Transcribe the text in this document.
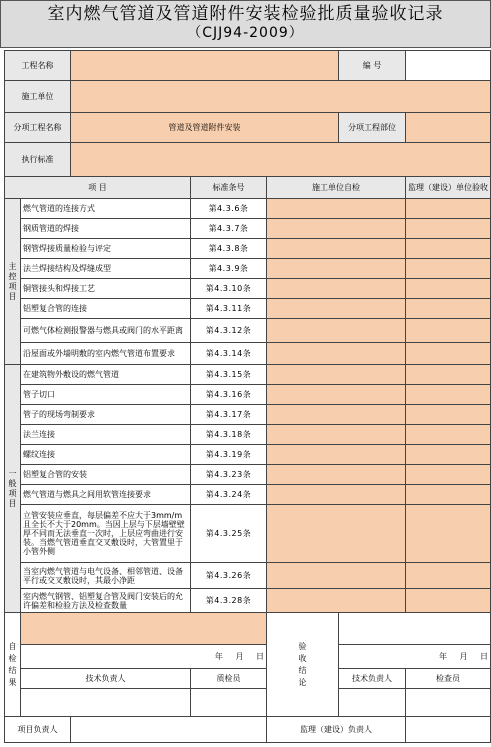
室内燃气管道及管道附件安装检验批质量验收记录
（CJJ94-2009）
工程名称					编 号	
施工单位						
分项工程名称		管道及管道附件安装			分项工程部位	
执行标准						
项 目			标准条号	施工单位自检		监理（建设）单位验收

主
控
项
目	燃气管道的连接方式		第4.3.6条			
	钢质管道的焊接		第4.3.7条			
	钢管焊接质量检验与评定		第4.3.8条			
	法兰焊接结构及焊缝成型		第4.3.9条			
	铜管接头和焊接工艺		第4.3.10条			
	铝塑复合管的连接		第4.3.11条			
	可燃气体检测报警器与燃具或阀门的水平距离		第4.3.12条			
	沿屋面或外墙明敷的室内燃气管道布置要求		第4.3.14条			

一
般
项
目	在建筑物外敷设的燃气管道		第4.3.15条			
	管子切口		第4.3.16条			
	管子的现场弯制要求		第4.3.17条			
	法兰连接		第4.3.18条			
	螺纹连接		第4.3.19条			
	铝塑复合管的安装		第4.3.23条			
	燃气管道与燃具之间用软管连接要求		第4.3.24条			
	立管安装应垂直，每层偏差不应大于3mm/m且全长不大于20mm。当因上层与下层墙壁壁厚不同而无法垂直一次时，上层应弯曲进行安装。当燃气管道垂直交叉敷设时，大管置里于小管外侧		第4.3.25条			
	当室内燃气管道与电气设备、相邻管道、设备平行或交叉敷设时，其最小净距		第4.3.26条			
	室内燃气钢管、铝塑复合管及阀门安装后的允许偏差和检验方法及检查数量		第4.3.28条			

自
检
结
果				验
收
结
论		

	年 月 日				年 月 日	
	技术负责人		质检员		技术负责人	检查员

项目负责人				监理（建设）负责人		
